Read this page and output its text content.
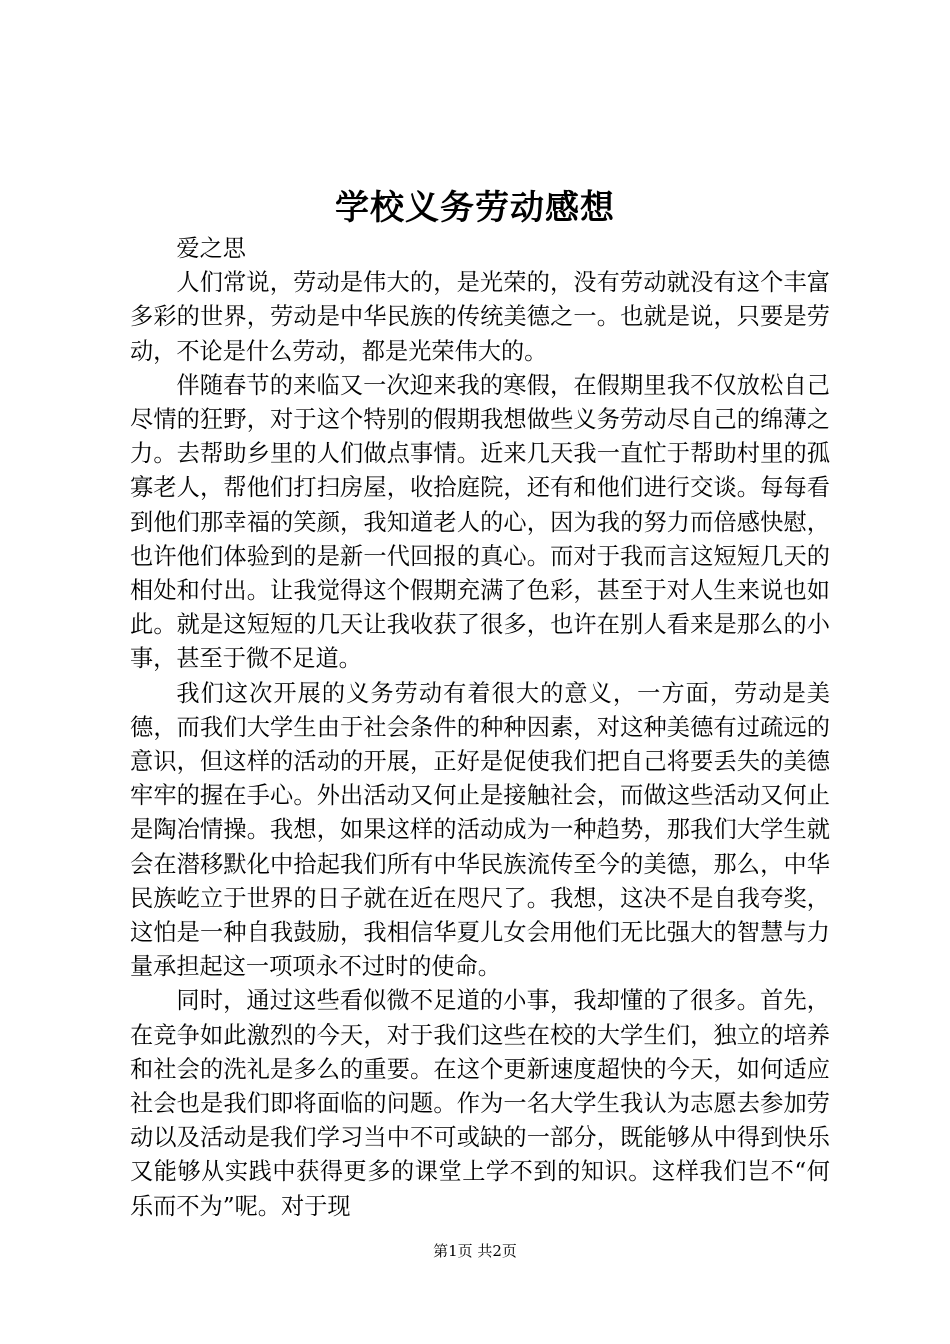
学校义务劳动感想

爱之思

人们常说，劳动是伟大的，是光荣的，没有劳动就没有这个丰富多彩的世界，劳动是中华民族的传统美德之一。也就是说，只要是劳动，不论是什么劳动，都是光荣伟大的。

伴随春节的来临又一次迎来我的寒假，在假期里我不仅放松自己尽情的狂野，对于这个特别的假期我想做些义务劳动尽自己的绵薄之力。去帮助乡里的人们做点事情。近来几天我一直忙于帮助村里的孤寡老人，帮他们打扫房屋，收拾庭院，还有和他们进行交谈。每每看到他们那幸福的笑颜，我知道老人的心，因为我的努力而倍感快慰，也许他们体验到的是新一代回报的真心。而对于我而言这短短几天的相处和付出。让我觉得这个假期充满了色彩，甚至于对人生来说也如此。就是这短短的几天让我收获了很多，也许在别人看来是那么的小事，甚至于微不足道。

我们这次开展的义务劳动有着很大的意义，一方面，劳动是美德，而我们大学生由于社会条件的种种因素，对这种美德有过疏远的意识，但这样的活动的开展，正好是促使我们把自己将要丢失的美德牢牢的握在手心。外出活动又何止是接触社会，而做这些活动又何止是陶冶情操。我想，如果这样的活动成为一种趋势，那我们大学生就会在潜移默化中拾起我们所有中华民族流传至今的美德，那么，中华民族屹立于世界的日子就在近在咫尺了。我想，这决不是自我夸奖，这怕是一种自我鼓励，我相信华夏儿女会用他们无比强大的智慧与力量承担起这一项项永不过时的使命。

同时，通过这些看似微不足道的小事，我却懂的了很多。首先，在竞争如此激烈的今天，对于我们这些在校的大学生们，独立的培养和社会的洗礼是多么的重要。在这个更新速度超快的今天，如何适应社会也是我们即将面临的问题。作为一名大学生我认为志愿去参加劳动以及活动是我们学习当中不可或缺的一部分，既能够从中得到快乐又能够从实践中获得更多的课堂上学不到的知识。这样我们岂不“何乐而不为”呢。对于现

第1页 共2页
